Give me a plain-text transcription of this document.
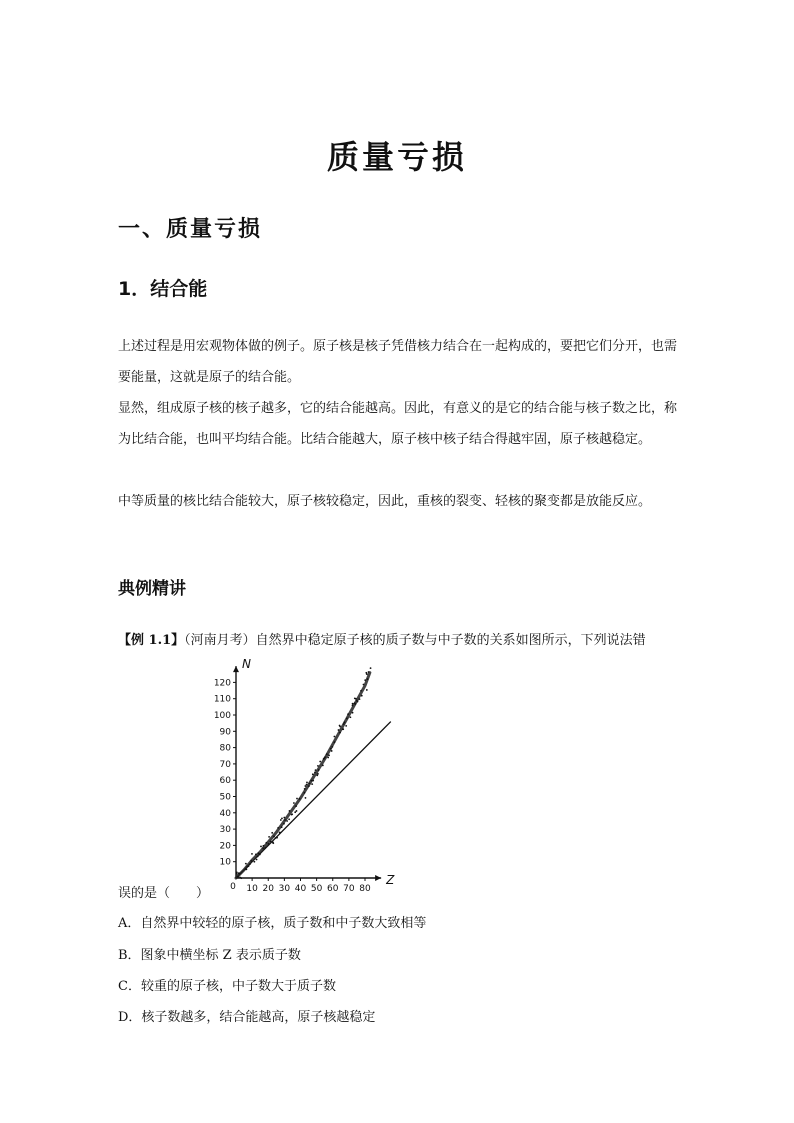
质量亏损
一、质量亏损
1．结合能

上述过程是用宏观物体做的例子。原子核是核子凭借核力结合在一起构成的，要把它们分开，也需要能量，这就是原子的结合能。

显然，组成原子核的核子越多，它的结合能越高。因此，有意义的是它的结合能与核子数之比，称为比结合能，也叫平均结合能。比结合能越大，原子核中核子结合得越牢固，原子核越稳定。

中等质量的核比结合能较大，原子核较稳定，因此，重核的裂变、轻核的聚变都是放能反应。

典例精讲

【例 1.1】（河南月考）自然界中稳定原子核的质子数与中子数的关系如图所示，下列说法错

Z
N
0 10 20 30 40 50 60 70 80
10
20
30
40
50
60
70
80
90
100
110
120

误的是（　　）

A．自然界中较轻的原子核，质子数和中子数大致相等

B．图象中横坐标 Z 表示质子数

C．较重的原子核，中子数大于质子数

D．核子数越多，结合能越高，原子核越稳定
